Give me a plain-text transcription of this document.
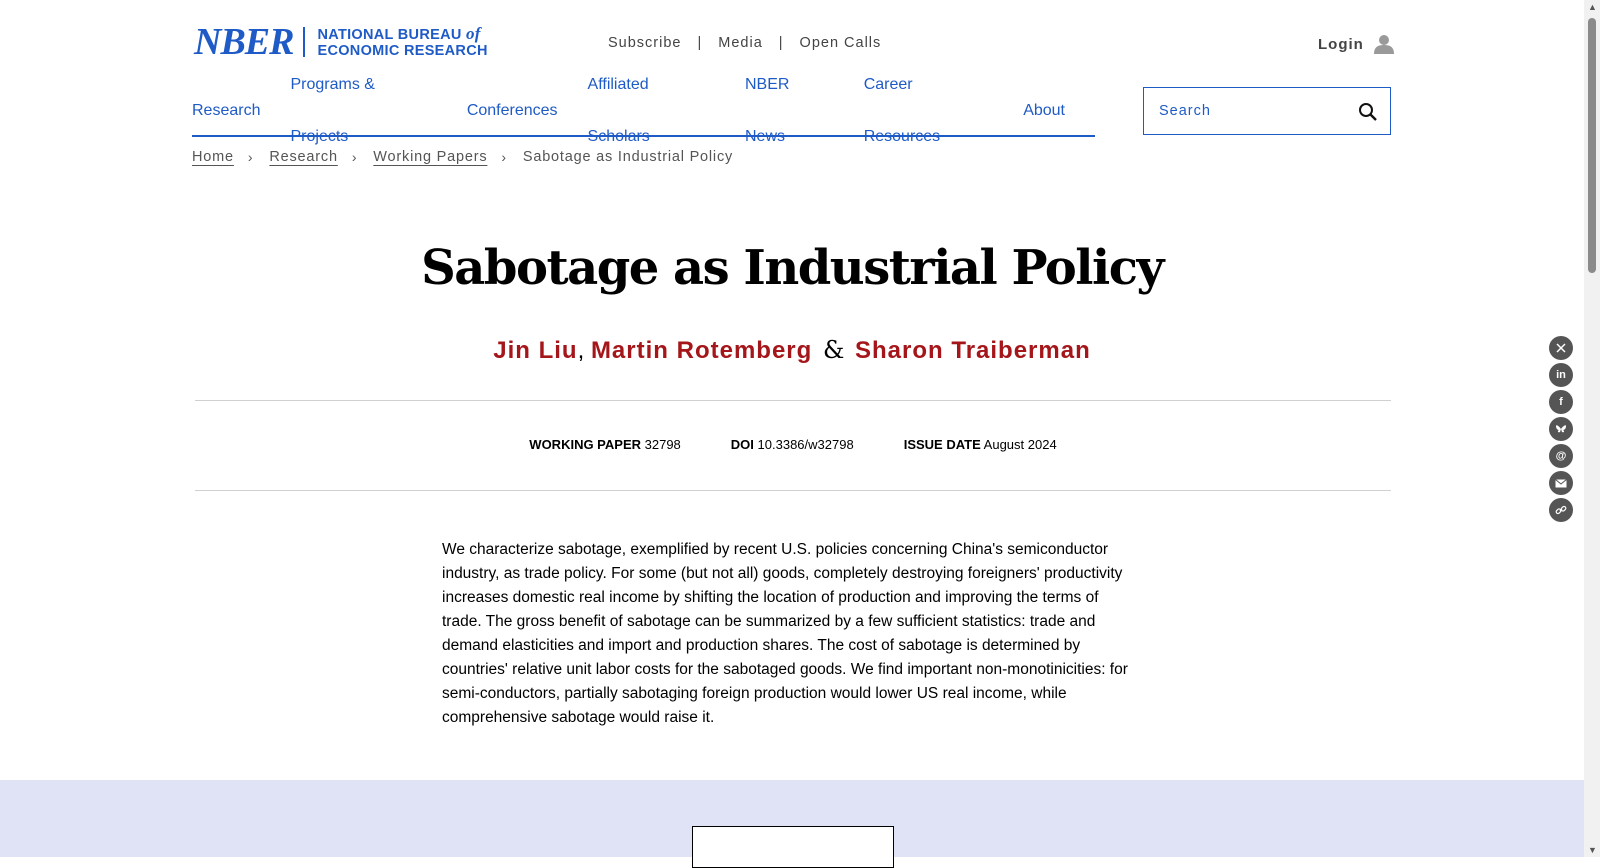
NBER NATIONAL BUREAU of
ECONOMIC RESEARCH	Subscribe | Media | Open Calls	Login
Research
Programs & Projects
Conferences
Affiliated Scholars
NBER News
Career Resources
About
Search
Home › Research › Working Papers › Sabotage as Industrial Policy
Sabotage as Industrial Policy
Jin Liu, Martin Rotemberg & Sharon Traiberman
WORKING PAPER 32798	DOI 10.3386/w32798	ISSUE DATE August 2024

We characterize sabotage, exemplified by recent U.S. policies concerning China's semiconductor industry, as trade policy. For some (but not all) goods, completely destroying foreigners' productivity increases domestic real income by shifting the location of production and improving the terms of trade. The gross benefit of sabotage can be summarized by a few sufficient statistics: trade and demand elasticities and import and production shares. The cost of sabotage is determined by countries' relative unit labor costs for the sabotaged goods. We find important non-monotinicities: for semi-conductors, partially sabotaging foreign production would lower US real income, while comprehensive sabotage would raise it.

in
f
@
▲
▼
